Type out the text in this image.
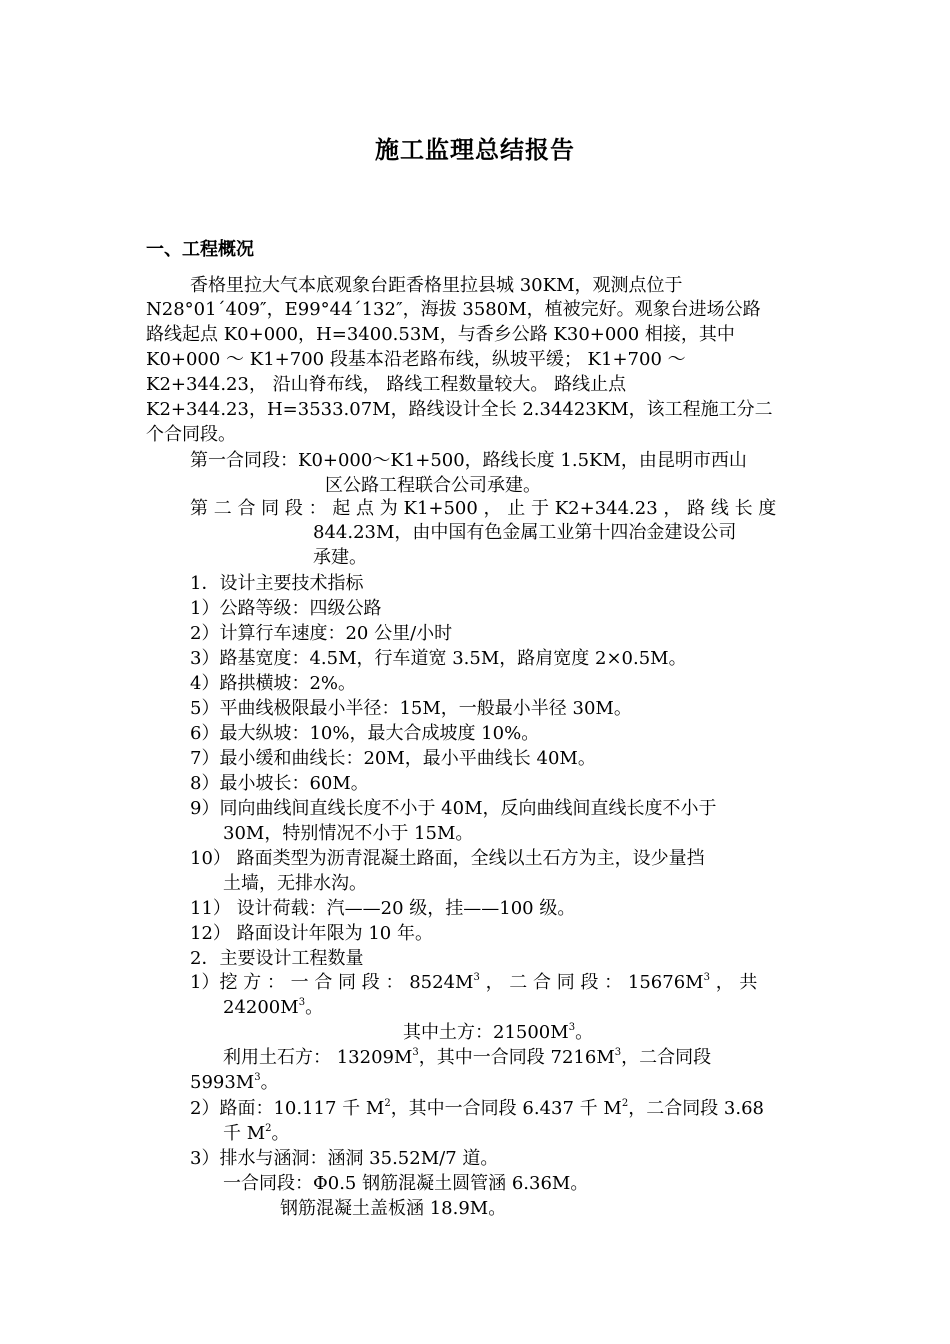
施工监理总结报告
一、工程概况
香格里拉大气本底观象台距香格里拉县城 30KM，观测点位于
N28°01´409″，E99°44´132″，海拔 3580M，植被完好。观象台进场公路
路线起点 K0+000，H=3400.53M，与香乡公路 K30+000 相接，其中
K0+000 ～ K1+700 段基本沿老路布线，纵坡平缓； K1+700 ～
K2+344.23， 沿山脊布线， 路线工程数量较大。 路线止点
K2+344.23，H=3533.07M，路线设计全长 2.34423KM，该工程施工分二
个合同段。
第一合同段：K0+000～K1+500，路线长度 1.5KM，由昆明市西山
区公路工程联合公司承建。
第 二 合 同 段 ： 起 点 为 K1+500 ， 止 于 K2+344.23 ， 路 线 长 度
844.23M，由中国有色金属工业第十四冶金建设公司
承建。
1．设计主要技术指标
1）公路等级：四级公路
2）计算行车速度：20 公里/小时
3）路基宽度：4.5M，行车道宽 3.5M，路肩宽度 2×0.5M。
4）路拱横坡：2%。
5）平曲线极限最小半径：15M，一般最小半径 30M。
6）最大纵坡：10%，最大合成坡度 10%。
7）最小缓和曲线长：20M，最小平曲线长 40M。
8）最小坡长：60M。
9）同向曲线间直线长度不小于 40M，反向曲线间直线长度不小于
30M，特别情况不小于 15M。
10） 路面类型为沥青混凝土路面，全线以土石方为主，设少量挡
土墙，无排水沟。
11） 设计荷载：汽——20 级，挂——100 级。
12） 路面设计年限为 10 年。
2．主要设计工程数量
1）挖 方 ： 一 合 同 段 ： $8524M^3$ ， 二 合 同 段 ： $15676M^3$ ， 共
$24200M^3$。
其中土方：$21500M^3$。
利用土石方： $13209M^3$，其中一合同段 $7216M^3$，二合同段
$5993M^3$。
2）路面：10.117 千 $M^2$，其中一合同段 6.437 千 $M^2$，二合同段 3.68
千 $M^2$。
3）排水与涵洞：涵洞 35.52M/7 道。
一合同段：Φ0.5 钢筋混凝土圆管涵 6.36M。
钢筋混凝土盖板涵 18.9M。
